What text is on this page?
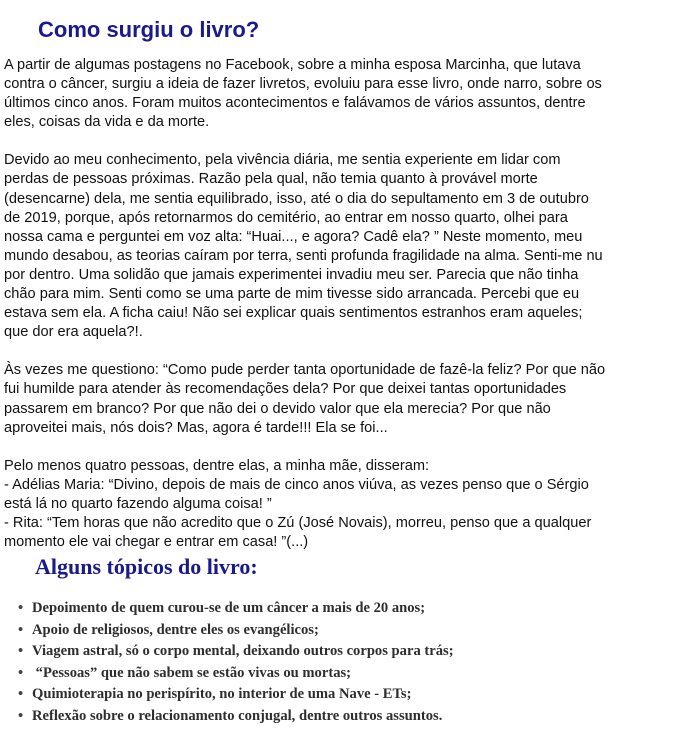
Como surgiu o livro?

A partir de algumas postagens no Facebook, sobre a minha esposa Marcinha, que lutava
contra o câncer, surgiu a ideia de fazer livretos, evoluiu para esse livro, onde narro, sobre os
últimos cinco anos. Foram muitos acontecimentos e falávamos de vários assuntos, dentre
eles, coisas da vida e da morte.

Devido ao meu conhecimento, pela vivência diária, me sentia experiente em lidar com
perdas de pessoas próximas. Razão pela qual, não temia quanto à provável morte
(desencarne) dela, me sentia equilibrado, isso, até o dia do sepultamento em 3 de outubro
de 2019, porque, após retornarmos do cemitério, ao entrar em nosso quarto, olhei para
nossa cama e perguntei em voz alta: “Huai..., e agora? Cadê ela? ” Neste momento, meu
mundo desabou, as teorias caíram por terra, senti profunda fragilidade na alma. Senti-me nu
por dentro. Uma solidão que jamais experimentei invadiu meu ser. Parecia que não tinha
chão para mim. Senti como se uma parte de mim tivesse sido arrancada. Percebi que eu
estava sem ela. A ficha caiu! Não sei explicar quais sentimentos estranhos eram aqueles;
que dor era aquela?!.

Às vezes me questiono: “Como pude perder tanta oportunidade de fazê-la feliz? Por que não
fui humilde para atender às recomendações dela? Por que deixei tantas oportunidades
passarem em branco? Por que não dei o devido valor que ela merecia? Por que não
aproveitei mais, nós dois? Mas, agora é tarde!!! Ela se foi...

Pelo menos quatro pessoas, dentre elas, a minha mãe, disseram:
- Adélias Maria: “Divino, depois de mais de cinco anos viúva, as vezes penso que o Sérgio
está lá no quarto fazendo alguma coisa! ”
- Rita: “Tem horas que não acredito que o Zú (José Novais), morreu, penso que a qualquer
momento ele vai chegar e entrar em casa! ”(...)

Alguns tópicos do livro:
• Depoimento de quem curou-se de um câncer a mais de 20 anos;
• Apoio de religiosos, dentre eles os evangélicos;
• Viagem astral, só o corpo mental, deixando outros corpos para trás;
• “Pessoas” que não sabem se estão vivas ou mortas;
• Quimioterapia no perispírito, no interior de uma Nave - ETs;
• Reflexão sobre o relacionamento conjugal, dentre outros assuntos.
